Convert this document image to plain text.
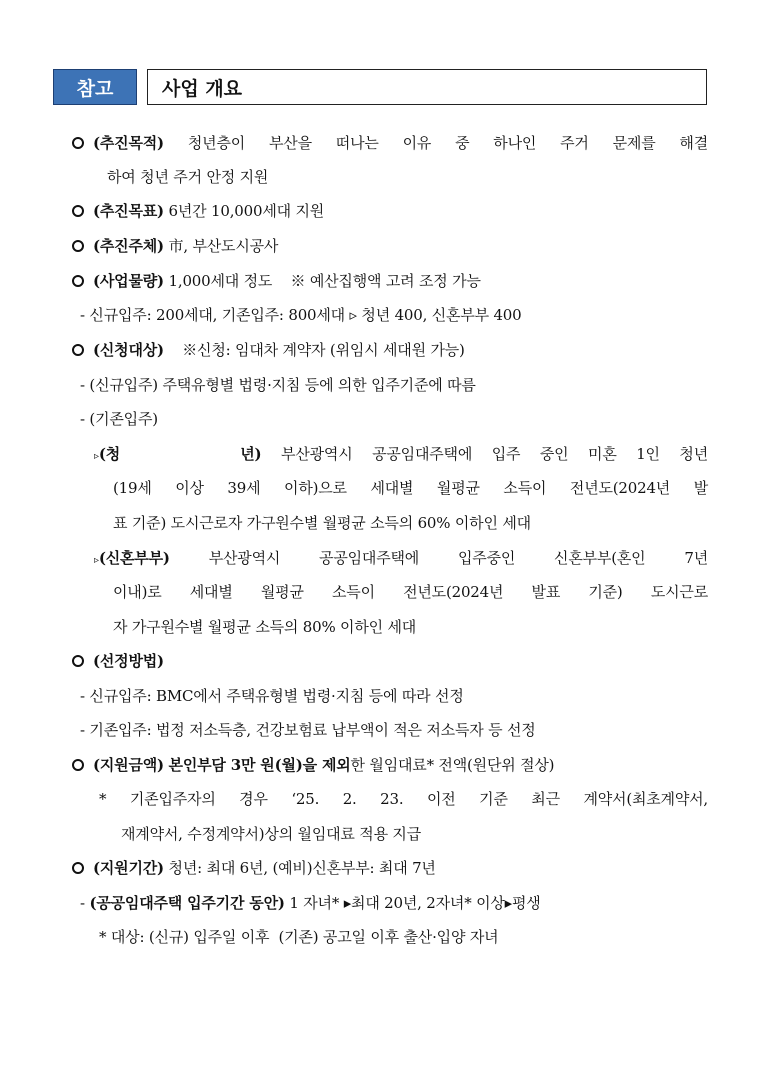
참고	사업 개요
(추진목적) 청년층이 부산을 떠나는 이유 중 하나인 주거 문제를 해결
하여 청년 주거 안정 지원
(추진목표) 6년간 10,000세대 지원
(추진주체) 市, 부산도시공사
(사업물량) 1,000세대 정도    ※ 예산집행액 고려 조정 가능
- 신규입주: 200세대, 기존입주: 800세대 ▹ 청년 400, 신혼부부 400
(신청대상)    ※신청: 임대차 계약자 (위임시 세대원 가능)
- (신규입주) 주택유형별 법령·지침 등에 의한 입주기준에 따름
- (기존입주)
▹(청      년) 부산광역시 공공임대주택에 입주 중인 미혼 1인 청년
(19세 이상 39세 이하)으로 세대별 월평균 소득이 전년도(2024년 발
표 기준) 도시근로자 가구원수별 월평균 소득의 60% 이하인 세대
▹(신혼부부) 부산광역시 공공임대주택에 입주중인 신혼부부(혼인 7년
이내)로 세대별 월평균 소득이 전년도(2024년 발표 기준) 도시근로
자 가구원수별 월평균 소득의 80% 이하인 세대
(선정방법)
- 신규입주: BMC에서 주택유형별 법령·지침 등에 따라 선정
- 기존입주: 법정 저소득층, 건강보험료 납부액이 적은 저소득자 등 선정
(지원금액) 본인부담 3만 원(월)을 제외한 월임대료* 전액(원단위 절상)
* 기존입주자의 경우 ‘25. 2. 23. 이전 기준 최근 계약서(최초계약서,
재계약서, 수정계약서)상의 월임대료 적용 지급
(지원기간) 청년: 최대 6년, (예비)신혼부부: 최대 7년
- (공공임대주택 입주기간 동안) 1 자녀* ▸최대 20년, 2자녀* 이상▸평생
* 대상: (신규) 입주일 이후  (기존) 공고일 이후 출산·입양 자녀
